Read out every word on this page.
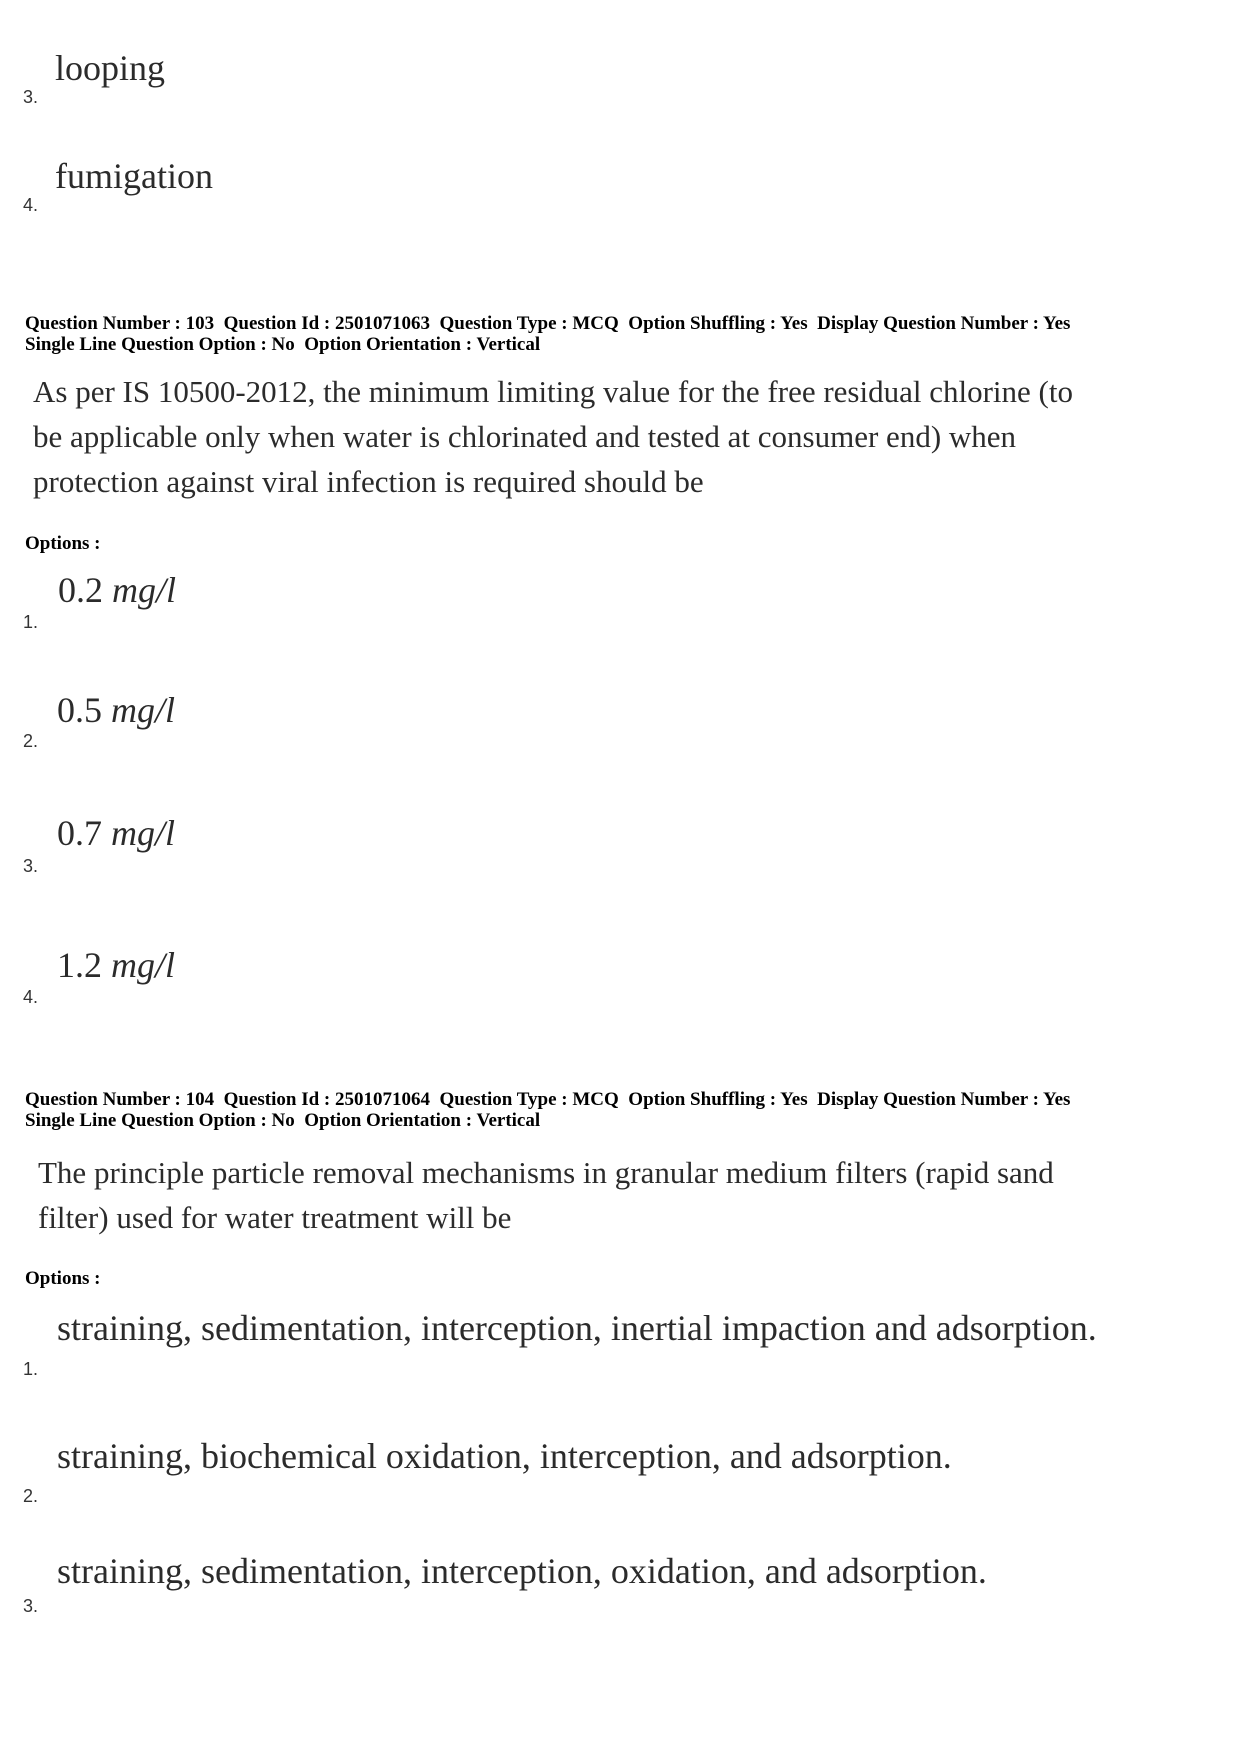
looping
3.
fumigation
4.
Question Number : 103  Question Id : 2501071063  Question Type : MCQ  Option Shuffling : Yes  Display Question Number : Yes
Single Line Question Option : No  Option Orientation : Vertical
As per IS 10500-2012, the minimum limiting value for the free residual chlorine (to
be applicable only when water is chlorinated and tested at consumer end) when
protection against viral infection is required should be
Options :
0.2 mg/l
1.
0.5 mg/l
2.
0.7 mg/l
3.
1.2 mg/l
4.
Question Number : 104  Question Id : 2501071064  Question Type : MCQ  Option Shuffling : Yes  Display Question Number : Yes
Single Line Question Option : No  Option Orientation : Vertical
The principle particle removal mechanisms in granular medium filters (rapid sand
filter) used for water treatment will be
Options :
straining, sedimentation, interception, inertial impaction and adsorption.
1.
straining, biochemical oxidation, interception, and adsorption.
2.
straining, sedimentation, interception, oxidation, and adsorption.
3.
